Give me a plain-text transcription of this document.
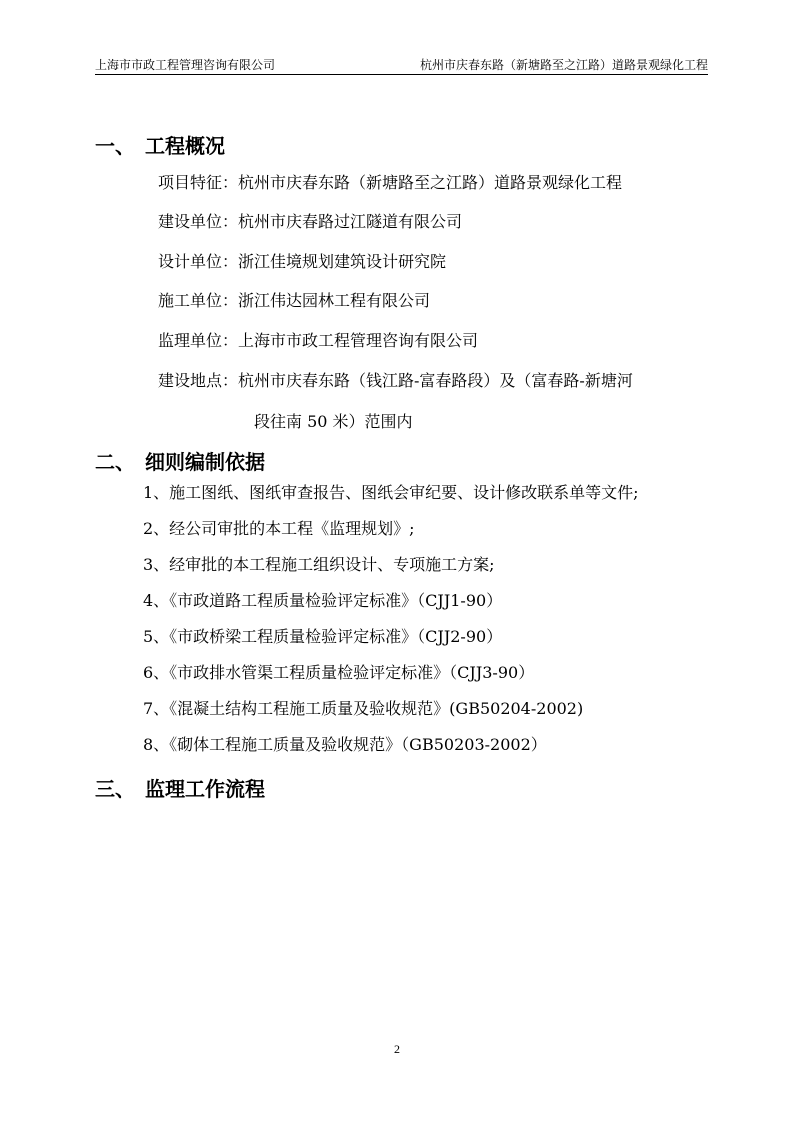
上海市市政工程管理咨询有限公司	杭州市庆春东路（新塘路至之江路）道路景观绿化工程
一、 工程概况
项目特征：杭州市庆春东路（新塘路至之江路）道路景观绿化工程
建设单位：杭州市庆春路过江隧道有限公司
设计单位：浙江佳境规划建筑设计研究院
施工单位：浙江伟达园林工程有限公司
监理单位：上海市市政工程管理咨询有限公司
建设地点：杭州市庆春东路（钱江路-富春路段）及（富春路-新塘河
段往南 50 米）范围内
二、 细则编制依据
1、施工图纸、图纸审查报告、图纸会审纪要、设计修改联系单等文件;
2、经公司审批的本工程《监理规划》;
3、经审批的本工程施工组织设计、专项施工方案;
4、《市政道路工程质量检验评定标准》（CJJ1-90）
5、《市政桥梁工程质量检验评定标准》（CJJ2-90）
6、《市政排水管渠工程质量检验评定标准》（CJJ3-90）
7、《混凝土结构工程施工质量及验收规范》(GB50204-2002)
8、《砌体工程施工质量及验收规范》（GB50203-2002）
三、 监理工作流程
2
